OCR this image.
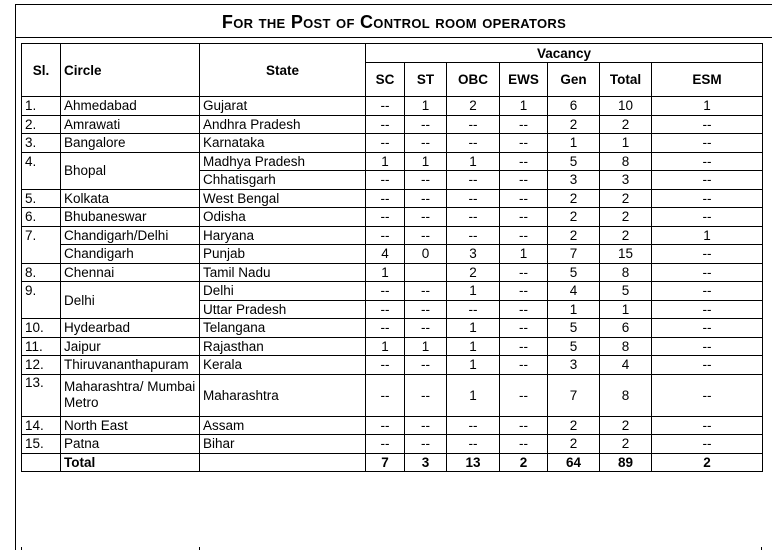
For the Post of Control room operators
Sl.	Circle	State	Vacancy						
			SC	ST	OBC	EWS	Gen	Total	ESM
1.	Ahmedabad	Gujarat	--	1	2	1	6	10	1
2.	Amrawati	Andhra Pradesh	--	--	--	--	2	2	--
3.	Bangalore	Karnataka	--	--	--	--	1	1	--
4.	Bhopal	Madhya Pradesh	1	1	1	--	5	8	--
		Chhatisgarh	--	--	--	--	3	3	--
5.	Kolkata	West Bengal	--	--	--	--	2	2	--
6.	Bhubaneswar	Odisha	--	--	--	--	2	2	--
7.	Chandigarh/Delhi	Haryana	--	--	--	--	2	2	1
	Chandigarh	Punjab	4	0	3	1	7	15	--
8.	Chennai	Tamil Nadu	1		2	--	5	8	--
9.	Delhi	Delhi	--	--	1	--	4	5	--
		Uttar Pradesh	--	--	--	--	1	1	--
10.	Hydearbad	Telangana	--	--	1	--	5	6	--
11.	Jaipur	Rajasthan	1	1	1	--	5	8	--
12.	Thiruvananthapuram	Kerala	--	--	1	--	3	4	--
13.	Maharashtra/ Mumbai Metro	Maharashtra	--	--	1	--	7	8	--
14.	North East	Assam	--	--	--	--	2	2	--
15.	Patna	Bihar	--	--	--	--	2	2	--
	Total		7	3	13	2	64	89	2
